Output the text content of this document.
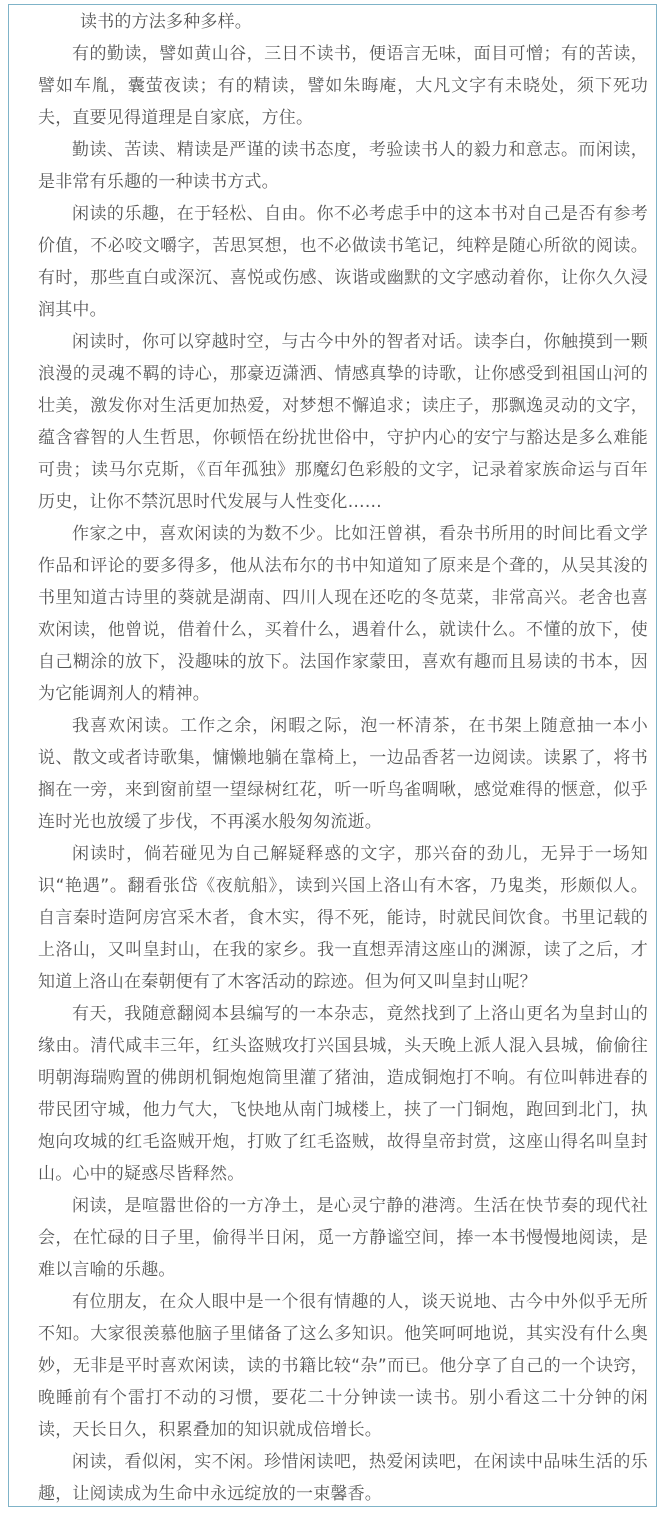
读书的方法多种多样。

有的勤读，譬如黄山谷，三日不读书，便语言无味，面目可憎；有的苦读，譬如车胤，囊萤夜读；有的精读，譬如朱晦庵，大凡文字有未晓处，须下死功夫，直要见得道理是自家底，方住。

勤读、苦读、精读是严谨的读书态度，考验读书人的毅力和意志。而闲读，是非常有乐趣的一种读书方式。

闲读的乐趣，在于轻松、自由。你不必考虑手中的这本书对自己是否有参考价值，不必咬文嚼字，苦思冥想，也不必做读书笔记，纯粹是随心所欲的阅读。有时，那些直白或深沉、喜悦或伤感、诙谐或幽默的文字感动着你，让你久久浸润其中。

闲读时，你可以穿越时空，与古今中外的智者对话。读李白，你触摸到一颗浪漫的灵魂不羁的诗心，那豪迈潇洒、情感真挚的诗歌，让你感受到祖国山河的壮美，激发你对生活更加热爱，对梦想不懈追求；读庄子，那飘逸灵动的文字，蕴含睿智的人生哲思，你顿悟在纷扰世俗中，守护内心的安宁与豁达是多么难能可贵；读马尔克斯，《百年孤独》那魔幻色彩般的文字，记录着家族命运与百年历史，让你不禁沉思时代发展与人性变化……

作家之中，喜欢闲读的为数不少。比如汪曾祺，看杂书所用的时间比看文学作品和评论的要多得多，他从法布尔的书中知道知了原来是个聋的，从吴其浚的书里知道古诗里的葵就是湖南、四川人现在还吃的冬苋菜，非常高兴。老舍也喜欢闲读，他曾说，借着什么，买着什么，遇着什么，就读什么。不懂的放下，使自己糊涂的放下，没趣味的放下。法国作家蒙田，喜欢有趣而且易读的书本，因为它能调剂人的精神。

我喜欢闲读。工作之余，闲暇之际，泡一杯清茶，在书架上随意抽一本小说、散文或者诗歌集，慵懒地躺在靠椅上，一边品香茗一边阅读。读累了，将书搁在一旁，来到窗前望一望绿树红花，听一听鸟雀啁啾，感觉难得的惬意，似乎连时光也放缓了步伐，不再溪水般匆匆流逝。

闲读时，倘若碰见为自己解疑释惑的文字，那兴奋的劲儿，无异于一场知识“艳遇”。翻看张岱《夜航船》，读到兴国上洛山有木客，乃鬼类，形颇似人。自言秦时造阿房宫采木者，食木实，得不死，能诗，时就民间饮食。书里记载的上洛山，又叫皇封山，在我的家乡。我一直想弄清这座山的渊源，读了之后，才知道上洛山在秦朝便有了木客活动的踪迹。但为何又叫皇封山呢？

有天，我随意翻阅本县编写的一本杂志，竟然找到了上洛山更名为皇封山的缘由。清代咸丰三年，红头盗贼攻打兴国县城，头天晚上派人混入县城，偷偷往明朝海瑞购置的佛朗机铜炮炮筒里灌了猪油，造成铜炮打不响。有位叫韩进春的带民团守城，他力气大，飞快地从南门城楼上，挟了一门铜炮，跑回到北门，执炮向攻城的红毛盗贼开炮，打败了红毛盗贼，故得皇帝封赏，这座山得名叫皇封山。心中的疑惑尽皆释然。

闲读，是喧嚣世俗的一方净土，是心灵宁静的港湾。生活在快节奏的现代社会，在忙碌的日子里，偷得半日闲，觅一方静谧空间，捧一本书慢慢地阅读，是难以言喻的乐趣。

有位朋友，在众人眼中是一个很有情趣的人，谈天说地、古今中外似乎无所不知。大家很羡慕他脑子里储备了这么多知识。他笑呵呵地说，其实没有什么奥妙，无非是平时喜欢闲读，读的书籍比较“杂”而已。他分享了自己的一个诀窍，晚睡前有个雷打不动的习惯，要花二十分钟读一读书。别小看这二十分钟的闲读，天长日久，积累叠加的知识就成倍增长。

闲读，看似闲，实不闲。珍惜闲读吧，热爱闲读吧，在闲读中品味生活的乐趣，让阅读成为生命中永远绽放的一束馨香。
